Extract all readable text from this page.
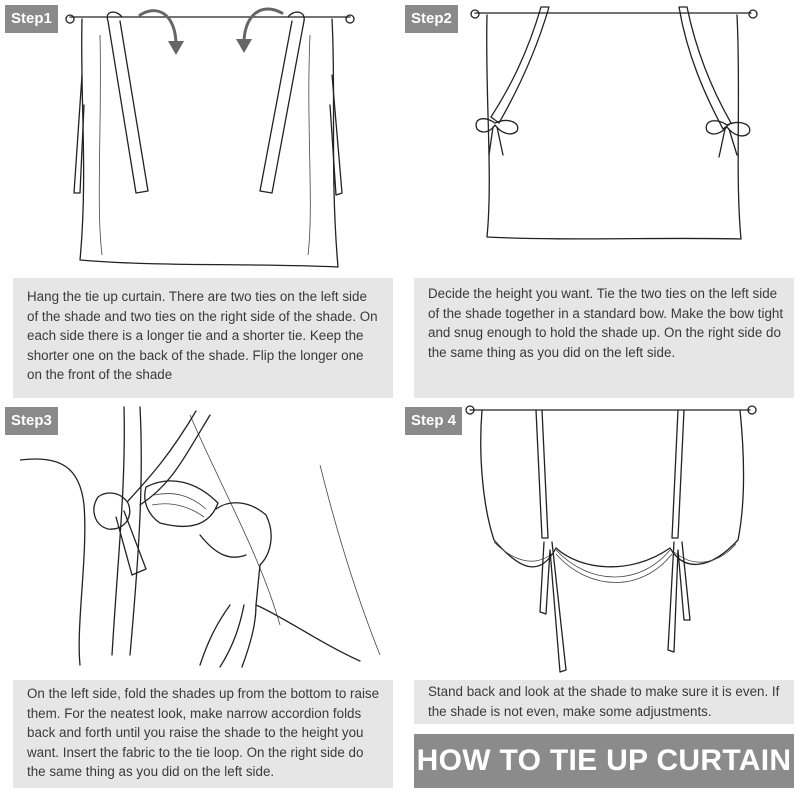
Step1
Hang the tie up curtain. There are two ties on the left side of the shade and two ties on the right side of the shade. On each side there is a longer tie and a shorter tie. Keep the shorter one on the back of the shade. Flip the longer one on the front of the shade
Step2
Decide the height you want. Tie the two ties on the left side of the shade together in a standard bow. Make the bow tight and snug enough to hold the shade up. On the right side do the same thing as you did on the left side.
Step3
On the left side, fold the shades up from the bottom to raise them. For the neatest look, make narrow accordion folds back and forth until you raise the shade to the height you want. Insert the fabric to the tie loop. On the right side do the same thing as you did on the left side.
Step 4
Stand back and look at the shade to make sure it is even. If the shade is not even, make some adjustments.
HOW TO TIE UP CURTAIN
